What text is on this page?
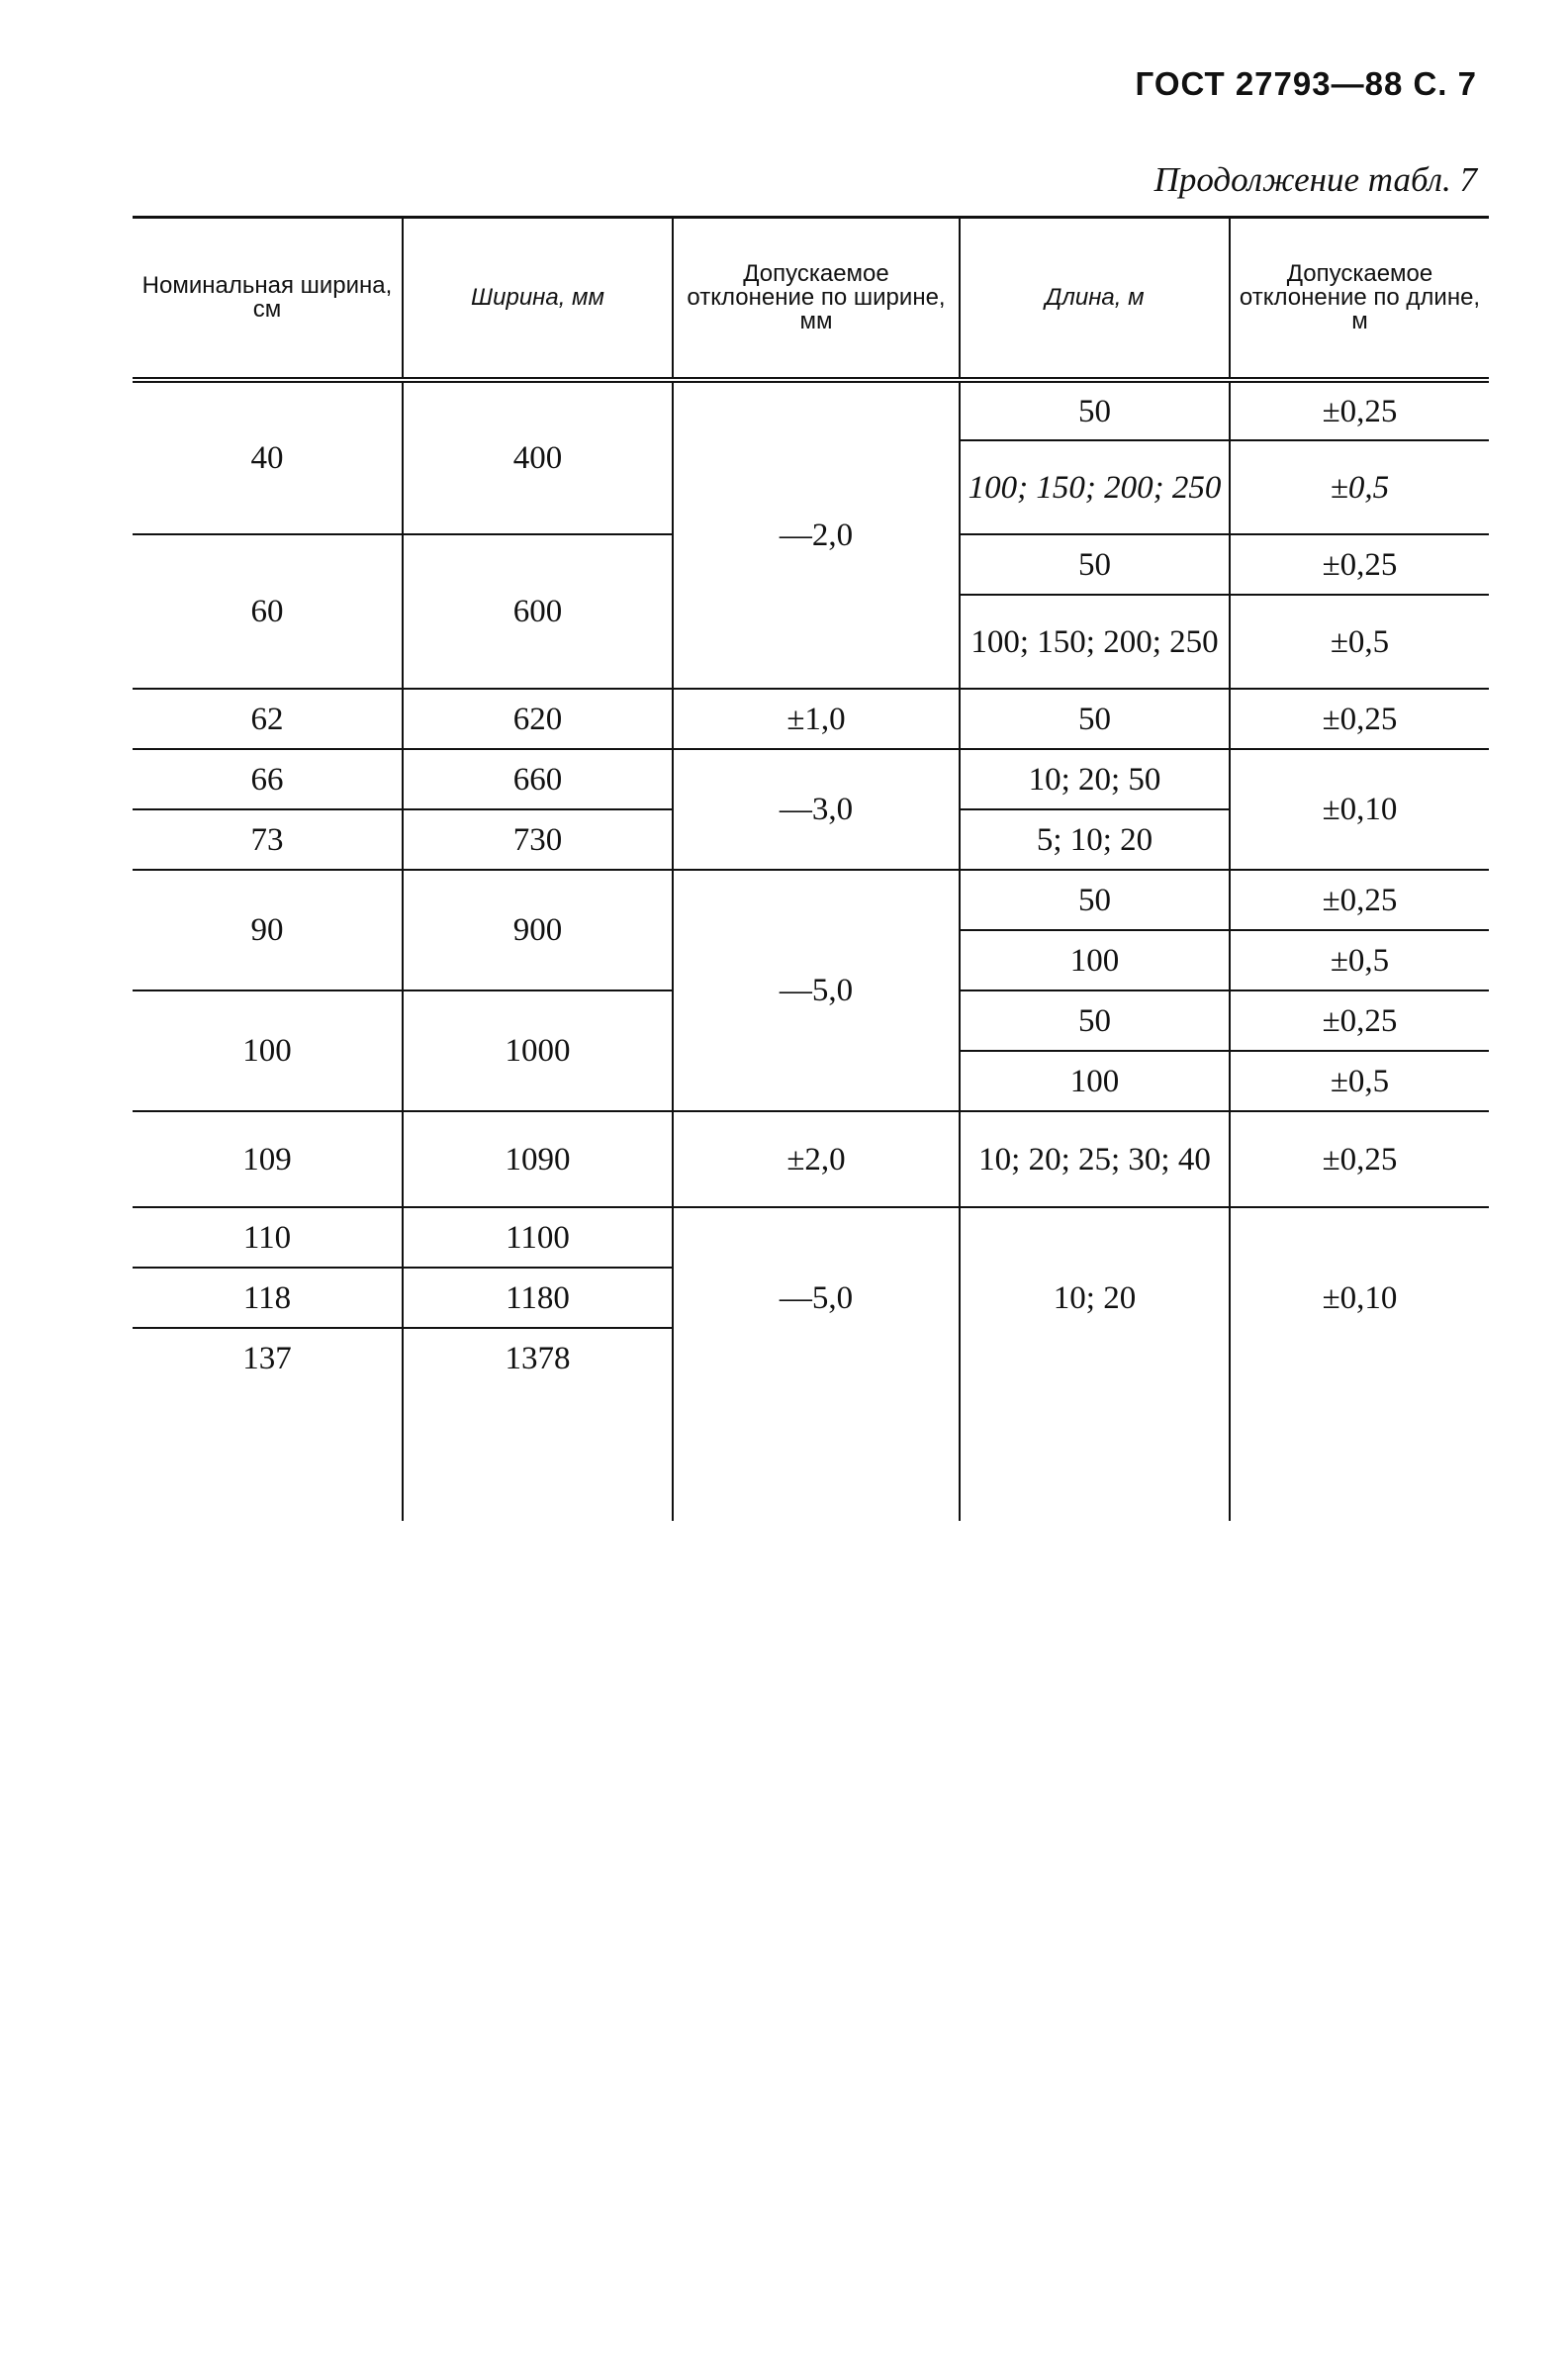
ГОСТ 27793—88 С. 7
Продолжение табл. 7
Номинальная ширина, см	Ширина, мм	Допускаемое отклонение по ширине, мм	Длина, м	Допускаемое отклонение по длине, м
40	400	—2,0	50	±0,25
			100; 150; 200; 250	±0,5
60	600		50	±0,25
			100; 150; 200; 250	±0,5
62	620	±1,0	50	±0,25
66	660	—3,0	10; 20; 50	±0,10
73	730		5; 10; 20	
90	900	—5,0	50	±0,25
			100	±0,5
100	1000		50	±0,25
			100	±0,5
109	1090	±2,0	10; 20; 25; 30; 40	±0,25
110	1100	—5,0	10; 20	±0,10
118	1180			
137	1378			
